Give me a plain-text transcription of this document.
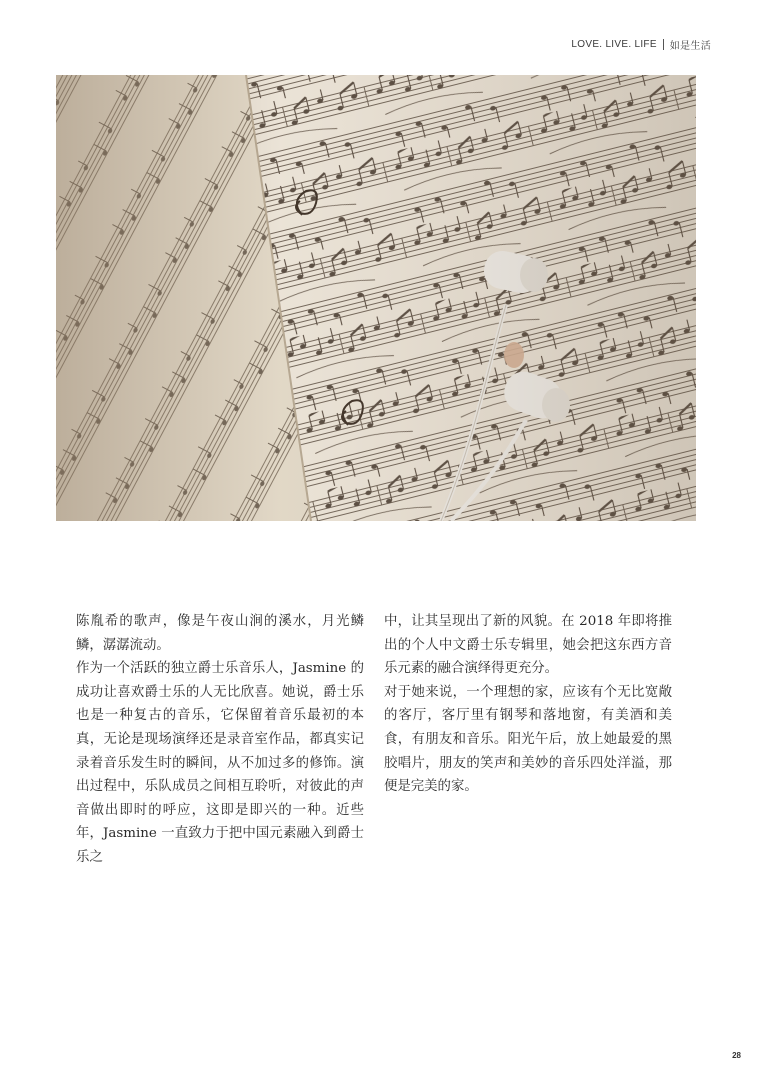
LOVE. LIVE. LIFE 如是生活

陈胤希的歌声，像是午夜山涧的溪水，月光鳞鳞，潺潺流动。

作为一个活跃的独立爵士乐音乐人，Jasmine 的成功让喜欢爵士乐的人无比欣喜。她说，爵士乐也是一种复古的音乐，它保留着音乐最初的本真，无论是现场演绎还是录音室作品，都真实记录着音乐发生时的瞬间，从不加过多的修饰。演出过程中，乐队成员之间相互聆听，对彼此的声音做出即时的呼应，这即是即兴的一种。近些年，Jasmine 一直致力于把中国元素融入到爵士乐之

中，让其呈现出了新的风貌。在 2018 年即将推出的个人中文爵士乐专辑里，她会把这东西方音乐元素的融合演绎得更充分。

对于她来说，一个理想的家，应该有个无比宽敞的客厅，客厅里有钢琴和落地窗，有美酒和美食，有朋友和音乐。阳光午后，放上她最爱的黑胶唱片，朋友的笑声和美妙的音乐四处洋溢，那便是完美的家。

28
